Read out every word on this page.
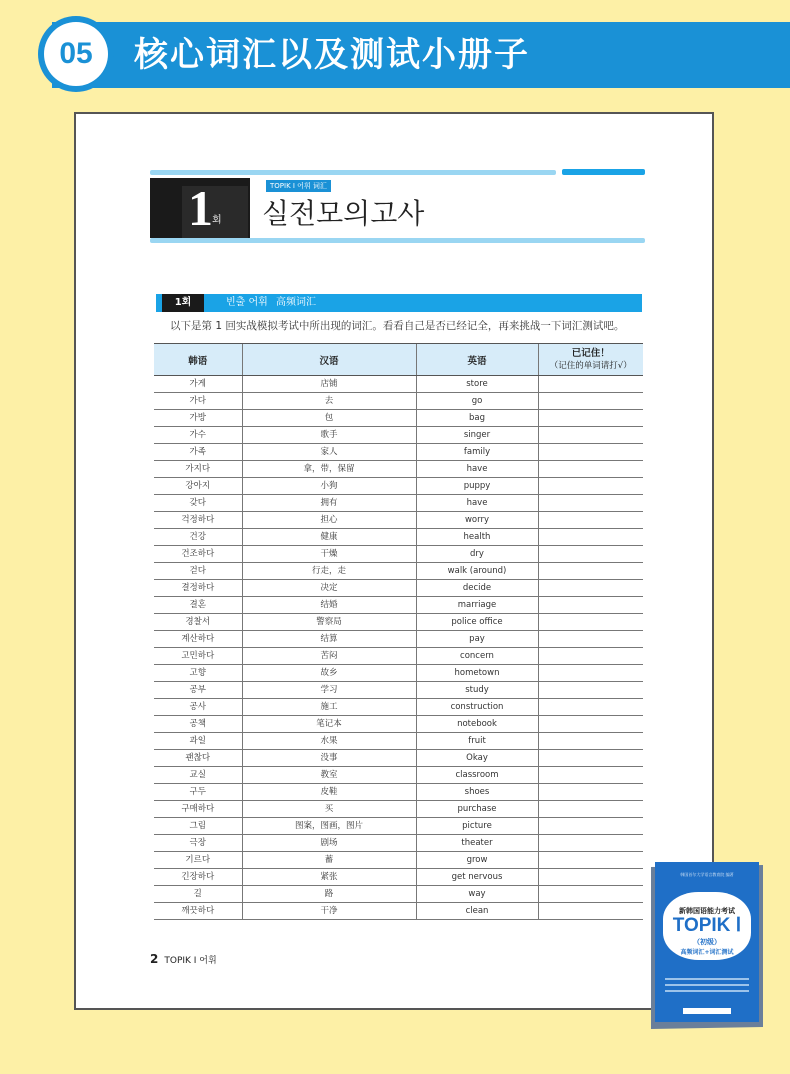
核心词汇以及测试小册子
05
1 회
TOPIK Ⅰ 어휘 词汇
실전모의고사
1회	빈출 어휘 高频词汇
以下是第 1 回实战模拟考试中所出现的词汇。看看自己是否已经记全，再来挑战一下词汇测试吧。
韩语	汉语	英语	已记住！
（记住的单词请打√）

가게	店铺	store	
가다	去	go	
가방	包	bag	
가수	歌手	singer	
가족	家人	family	
가지다	拿，带，保留	have	
강아지	小狗	puppy	
갖다	拥有	have	
걱정하다	担心	worry	
건강	健康	health	
건조하다	干燥	dry	
걷다	行走，走	walk (around)	
결정하다	决定	decide	
결혼	结婚	marriage	
경찰서	警察局	police office	
계산하다	结算	pay	
고민하다	苦闷	concern	
고향	故乡	hometown	
공부	学习	study	
공사	施工	construction	
공책	笔记本	notebook	
과일	水果	fruit	
괜찮다	没事	Okay	
교실	教室	classroom	
구두	皮鞋	shoes	
구매하다	买	purchase	
그림	图案，图画，图片	picture	
극장	剧场	theater	
기르다	蓄	grow	
긴장하다	紧张	get nervous	
길	路	way	
깨끗하다	干净	clean	
2 TOPIK Ⅰ 어휘
韩国首尔大学语言教育院 编著
新韩国语能力考试
TOPIK Ⅰ
（初级）
高频词汇+词汇测试
